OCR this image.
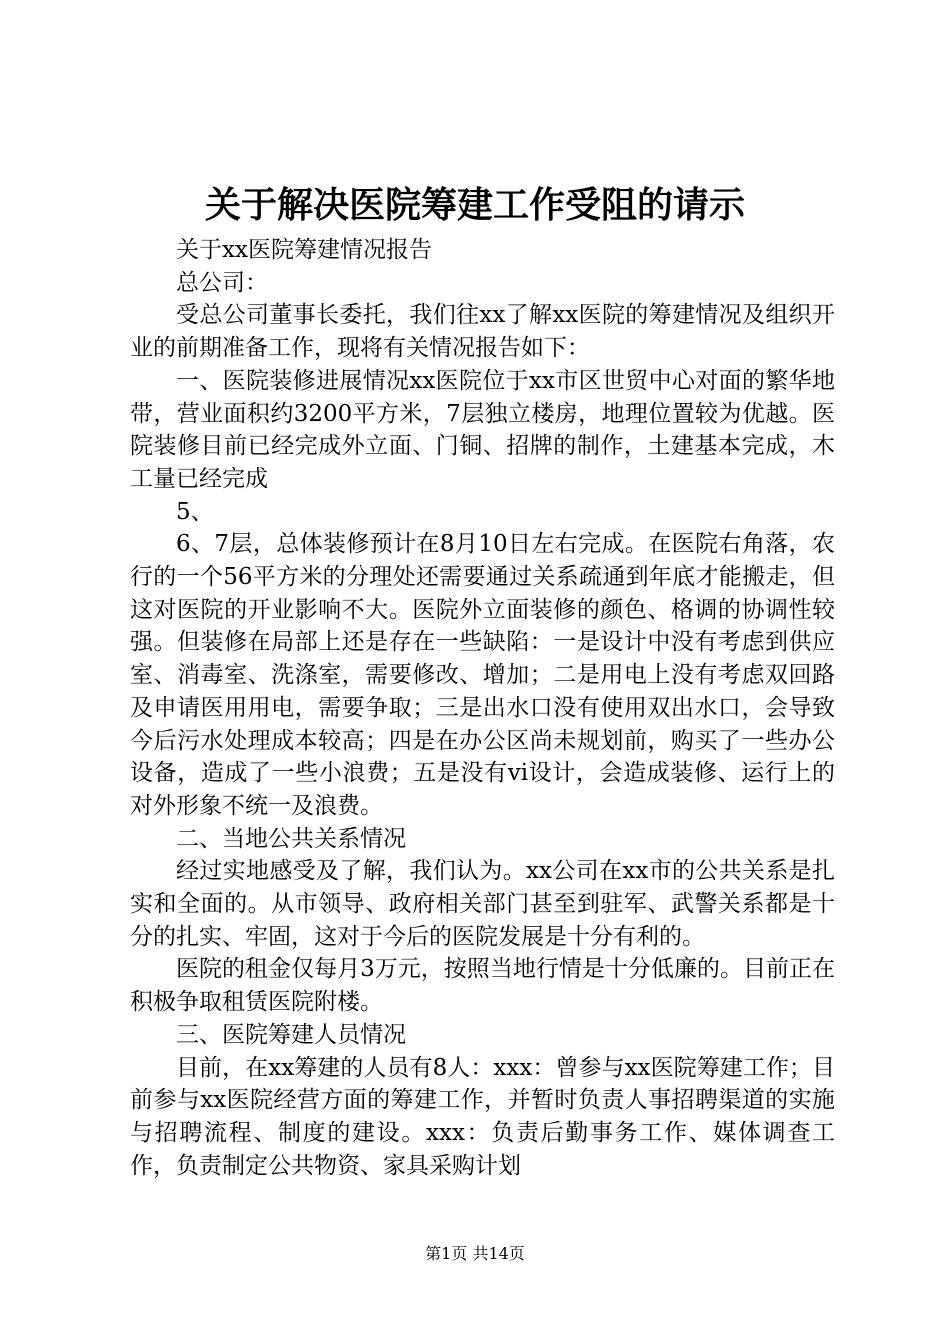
关于解决医院筹建工作受阻的请示

关于xx医院筹建情况报告

总公司：

受总公司董事长委托，我们往xx了解xx医院的筹建情况及组织开业的前期准备工作，现将有关情况报告如下：

一、医院装修进展情况xx医院位于xx市区世贸中心对面的繁华地带，营业面积约3200平方米，7层独立楼房，地理位置较为优越。医院装修目前已经完成外立面、门铜、招牌的制作，土建基本完成，木工量已经完成

5、

6、7层，总体装修预计在8月10日左右完成。在医院右角落，农行的一个56平方米的分理处还需要通过关系疏通到年底才能搬走，但这对医院的开业影响不大。医院外立面装修的颜色、格调的协调性较强。但装修在局部上还是存在一些缺陷：一是设计中没有考虑到供应室、消毒室、洗涤室，需要修改、增加；二是用电上没有考虑双回路及申请医用用电，需要争取；三是出水口没有使用双出水口，会导致今后污水处理成本较高；四是在办公区尚未规划前，购买了一些办公设备，造成了一些小浪费；五是没有vi设计，会造成装修、运行上的对外形象不统一及浪费。

二、当地公共关系情况

经过实地感受及了解，我们认为。xx公司在xx市的公共关系是扎实和全面的。从市领导、政府相关部门甚至到驻军、武警关系都是十分的扎实、牢固，这对于今后的医院发展是十分有利的。

医院的租金仅每月3万元，按照当地行情是十分低廉的。目前正在积极争取租赁医院附楼。

三、医院筹建人员情况

目前，在xx筹建的人员有8人：xxx：曾参与xx医院筹建工作；目前参与xx医院经营方面的筹建工作，并暂时负责人事招聘渠道的实施与招聘流程、制度的建设。xxx：负责后勤事务工作、媒体调查工作，负责制定公共物资、家具采购计划

第1页 共14页
